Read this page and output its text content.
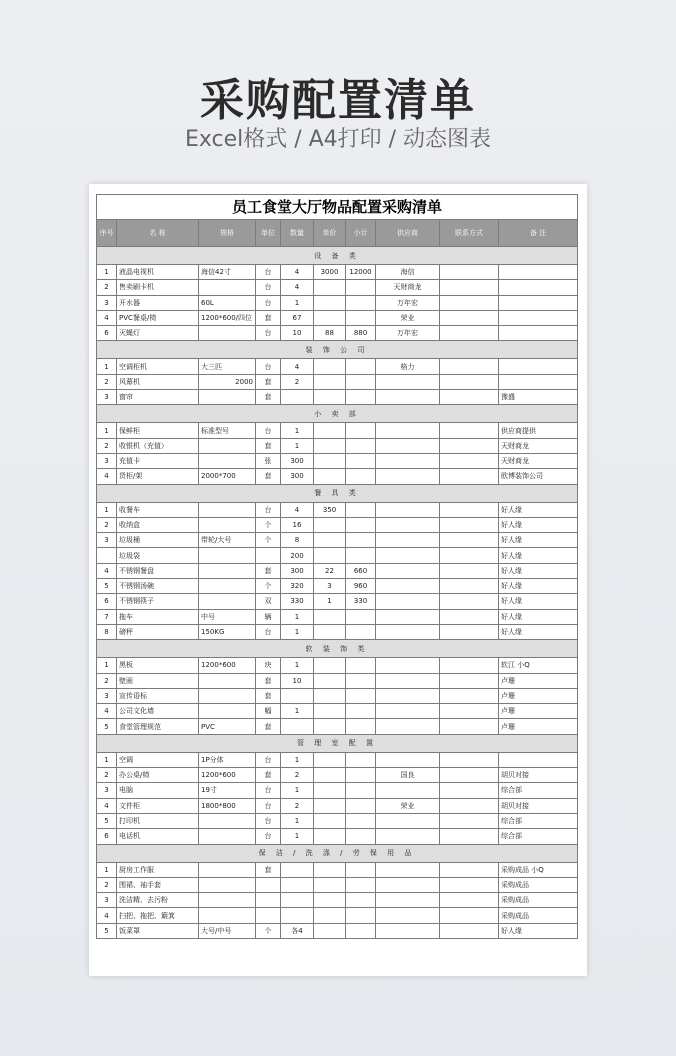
采购配置清单
Excel格式 / A4打印 / 动态图表
员工食堂大厅物品配置采购清单									
序号	名 称	规格	单位	数量	单价	小计	供应商	联系方式	备 注
设 备 类									
1	液晶电视机	海信42寸	台	4	3000	12000	海信		
2	售卖刷卡机		台	4			天财商龙		
3	开水器	60L	台	1			万年宏		
4	PVC餐桌/椅	1200*600/四位	套	67			荣业		
6	灭蝇灯		台	10	88	880	万年宏		
装 饰 公 司									
1	空调柜机	大三匹	台	4			格力		
2	风幕机	2000	套	2					
3	窗帘		套						豫盛
小 卖 部									
1	保鲜柜	标准型号	台	1					供应商提供
2	收银机（充值）		套	1					天财商龙
3	充值卡		张	300					天财商龙
4	货柜/架	2000*700	套	300					欧博装饰公司
餐 具 类									
1	收餐车		台	4	350				好人缘
2	收纳盒		个	16					好人缘
3	垃圾桶	带轮/大号	个	8					好人缘
	垃圾袋			200					好人缘
4	不锈钢餐盘		套	300	22	660			好人缘
5	不锈钢汤碗		个	320	3	960			好人缘
6	不锈钢筷子		双	330	1	330			好人缘
7	拖车	中号	辆	1					好人缘
8	磅秤	150KG	台	1					好人缘
软 装 饰 类									
1	黑板	1200*600	块	1					软江 小Q
2	壁画		套	10					卢珊
3	宣传语标		套						卢珊
4	公司文化墙		幅	1					卢珊
5	食堂管理规范	PVC	套						卢珊
管 理 室 配 置									
1	空调	1P分体	台	1					
2	办公桌/椅	1200*600	套	2			国良		胡贝对接
3	电脑	19寸	台	1					综合部
4	文件柜	1800*800	台	2			荣业		胡贝对接
5	打印机		台	1					综合部
6	电话机		台	1					综合部
保 洁 / 洗 涤 / 劳 保 用 品									
1	厨房工作服		套						采购成品 小Q
2	围裙、袖手套								采购成品
3	洗洁精、去污粉								采购成品
4	扫把、拖把、簸箕								采购成品
5	饭菜罩	大号/中号	个	各4					好人缘
